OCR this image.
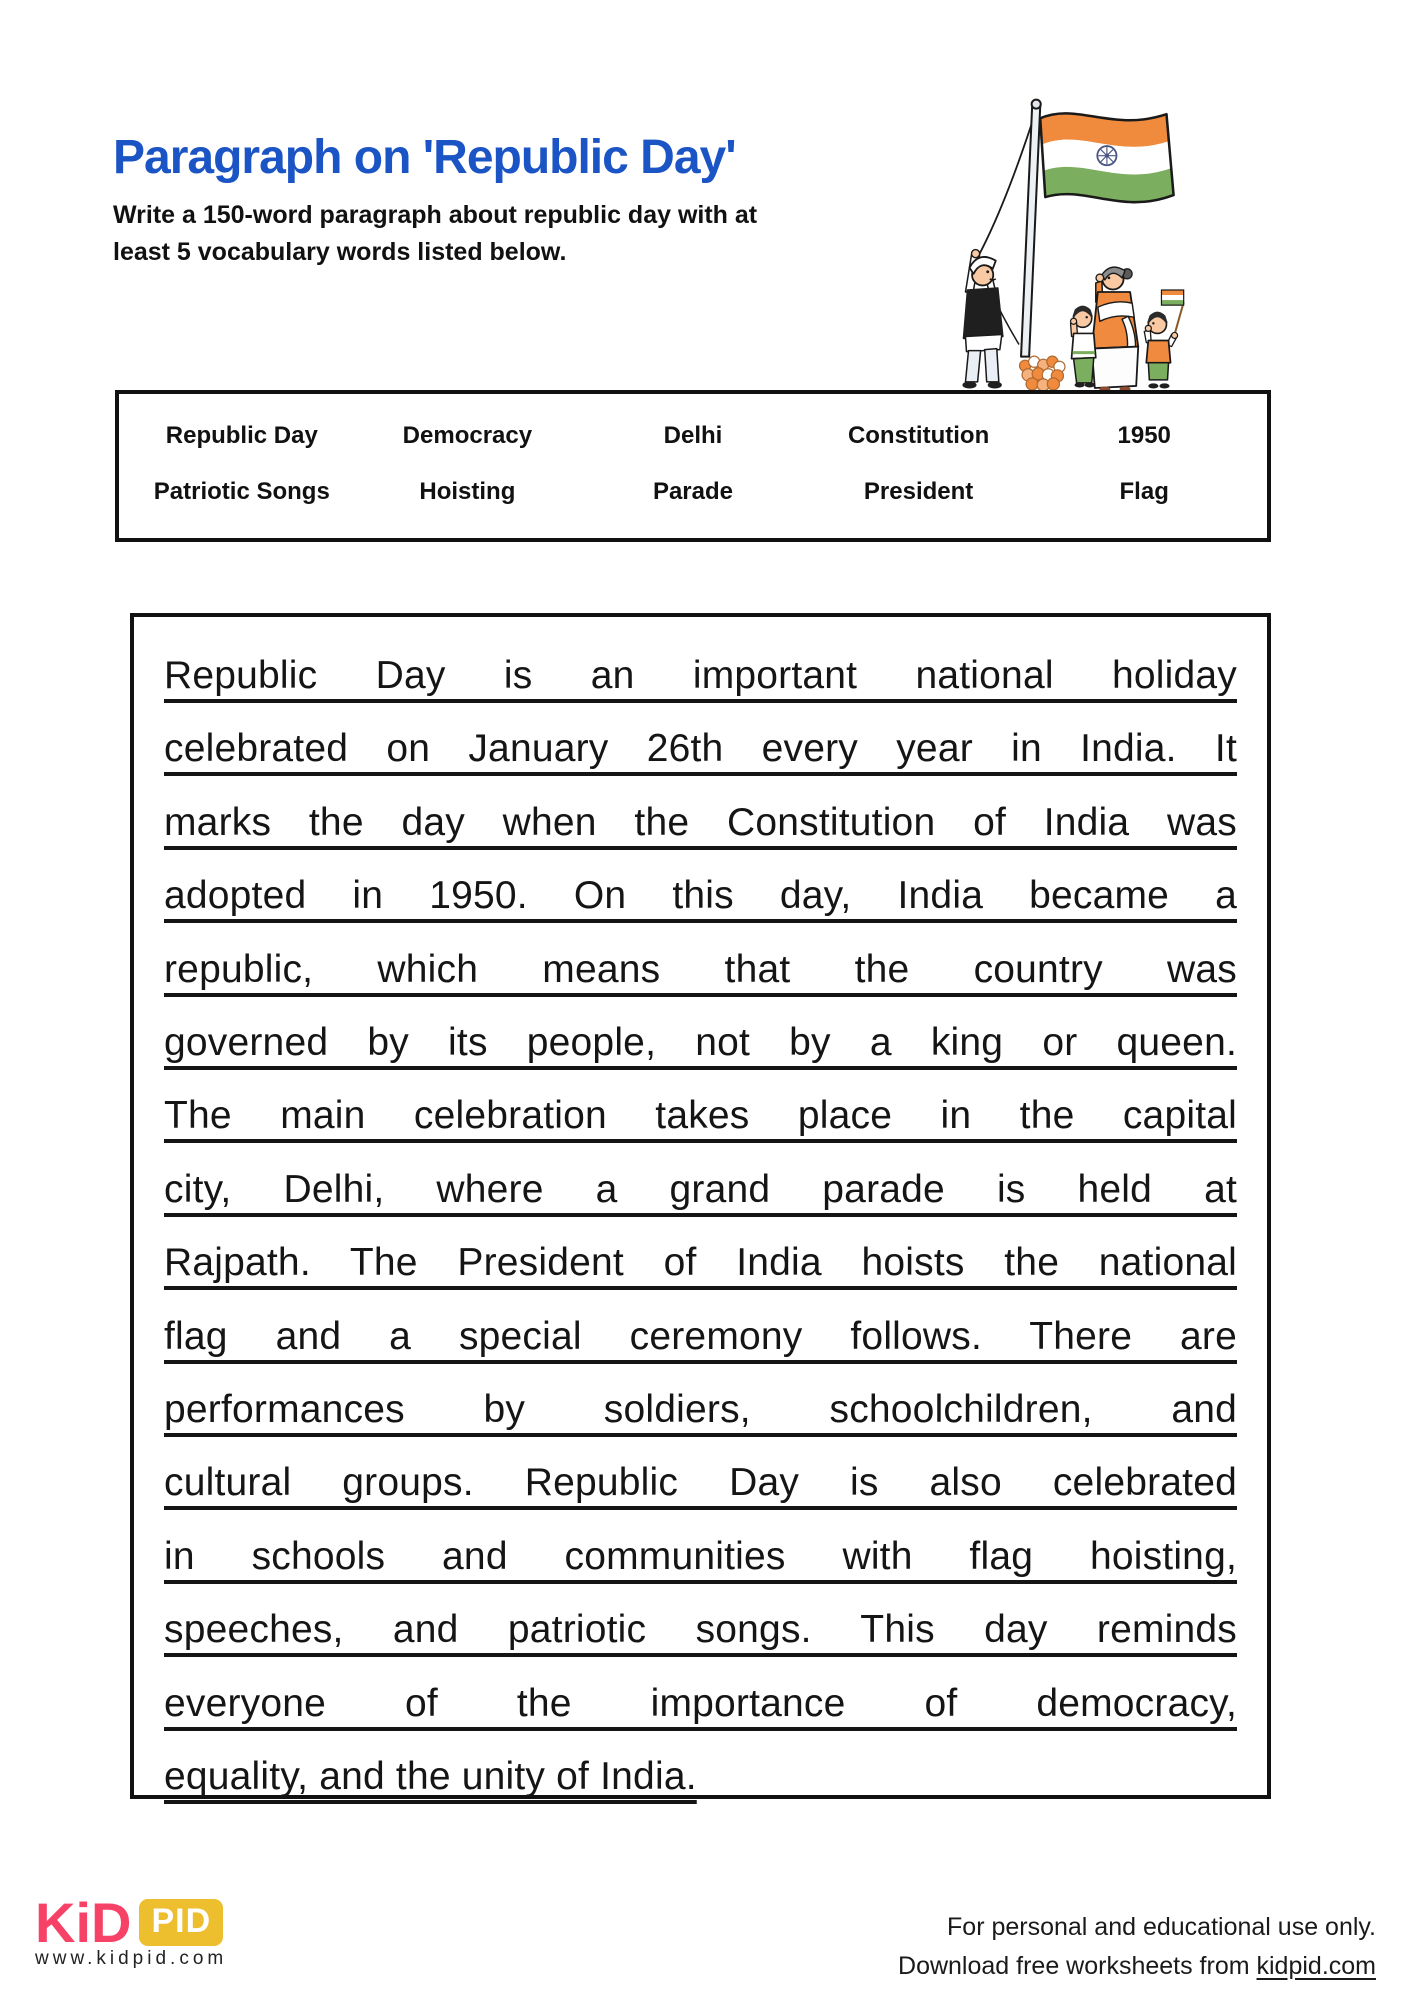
Paragraph on 'Republic Day'
Write a 150-word paragraph about republic day with at
least 5 vocabulary words listed below.
Republic Day	Democracy	Delhi	Constitution	1950
Patriotic Songs	Hoisting	Parade	President	Flag
Republic Day is an important national holiday
celebrated on January 26th every year in India. It
marks the day when the Constitution of India was
adopted in 1950. On this day, India became a
republic, which means that the country was
governed by its people, not by a king or queen.
The main celebration takes place in the capital
city, Delhi, where a grand parade is held at
Rajpath. The President of India hoists the national
flag and a special ceremony follows. There are
performances by soldiers, schoolchildren, and
cultural groups. Republic Day is also celebrated
in schools and communities with flag hoisting,
speeches, and patriotic songs. This day reminds
everyone of the importance of democracy,
equality, and the unity of India.
KiD PID
www.kidpid.com
For personal and educational use only.
Download free worksheets from kidpid.com
